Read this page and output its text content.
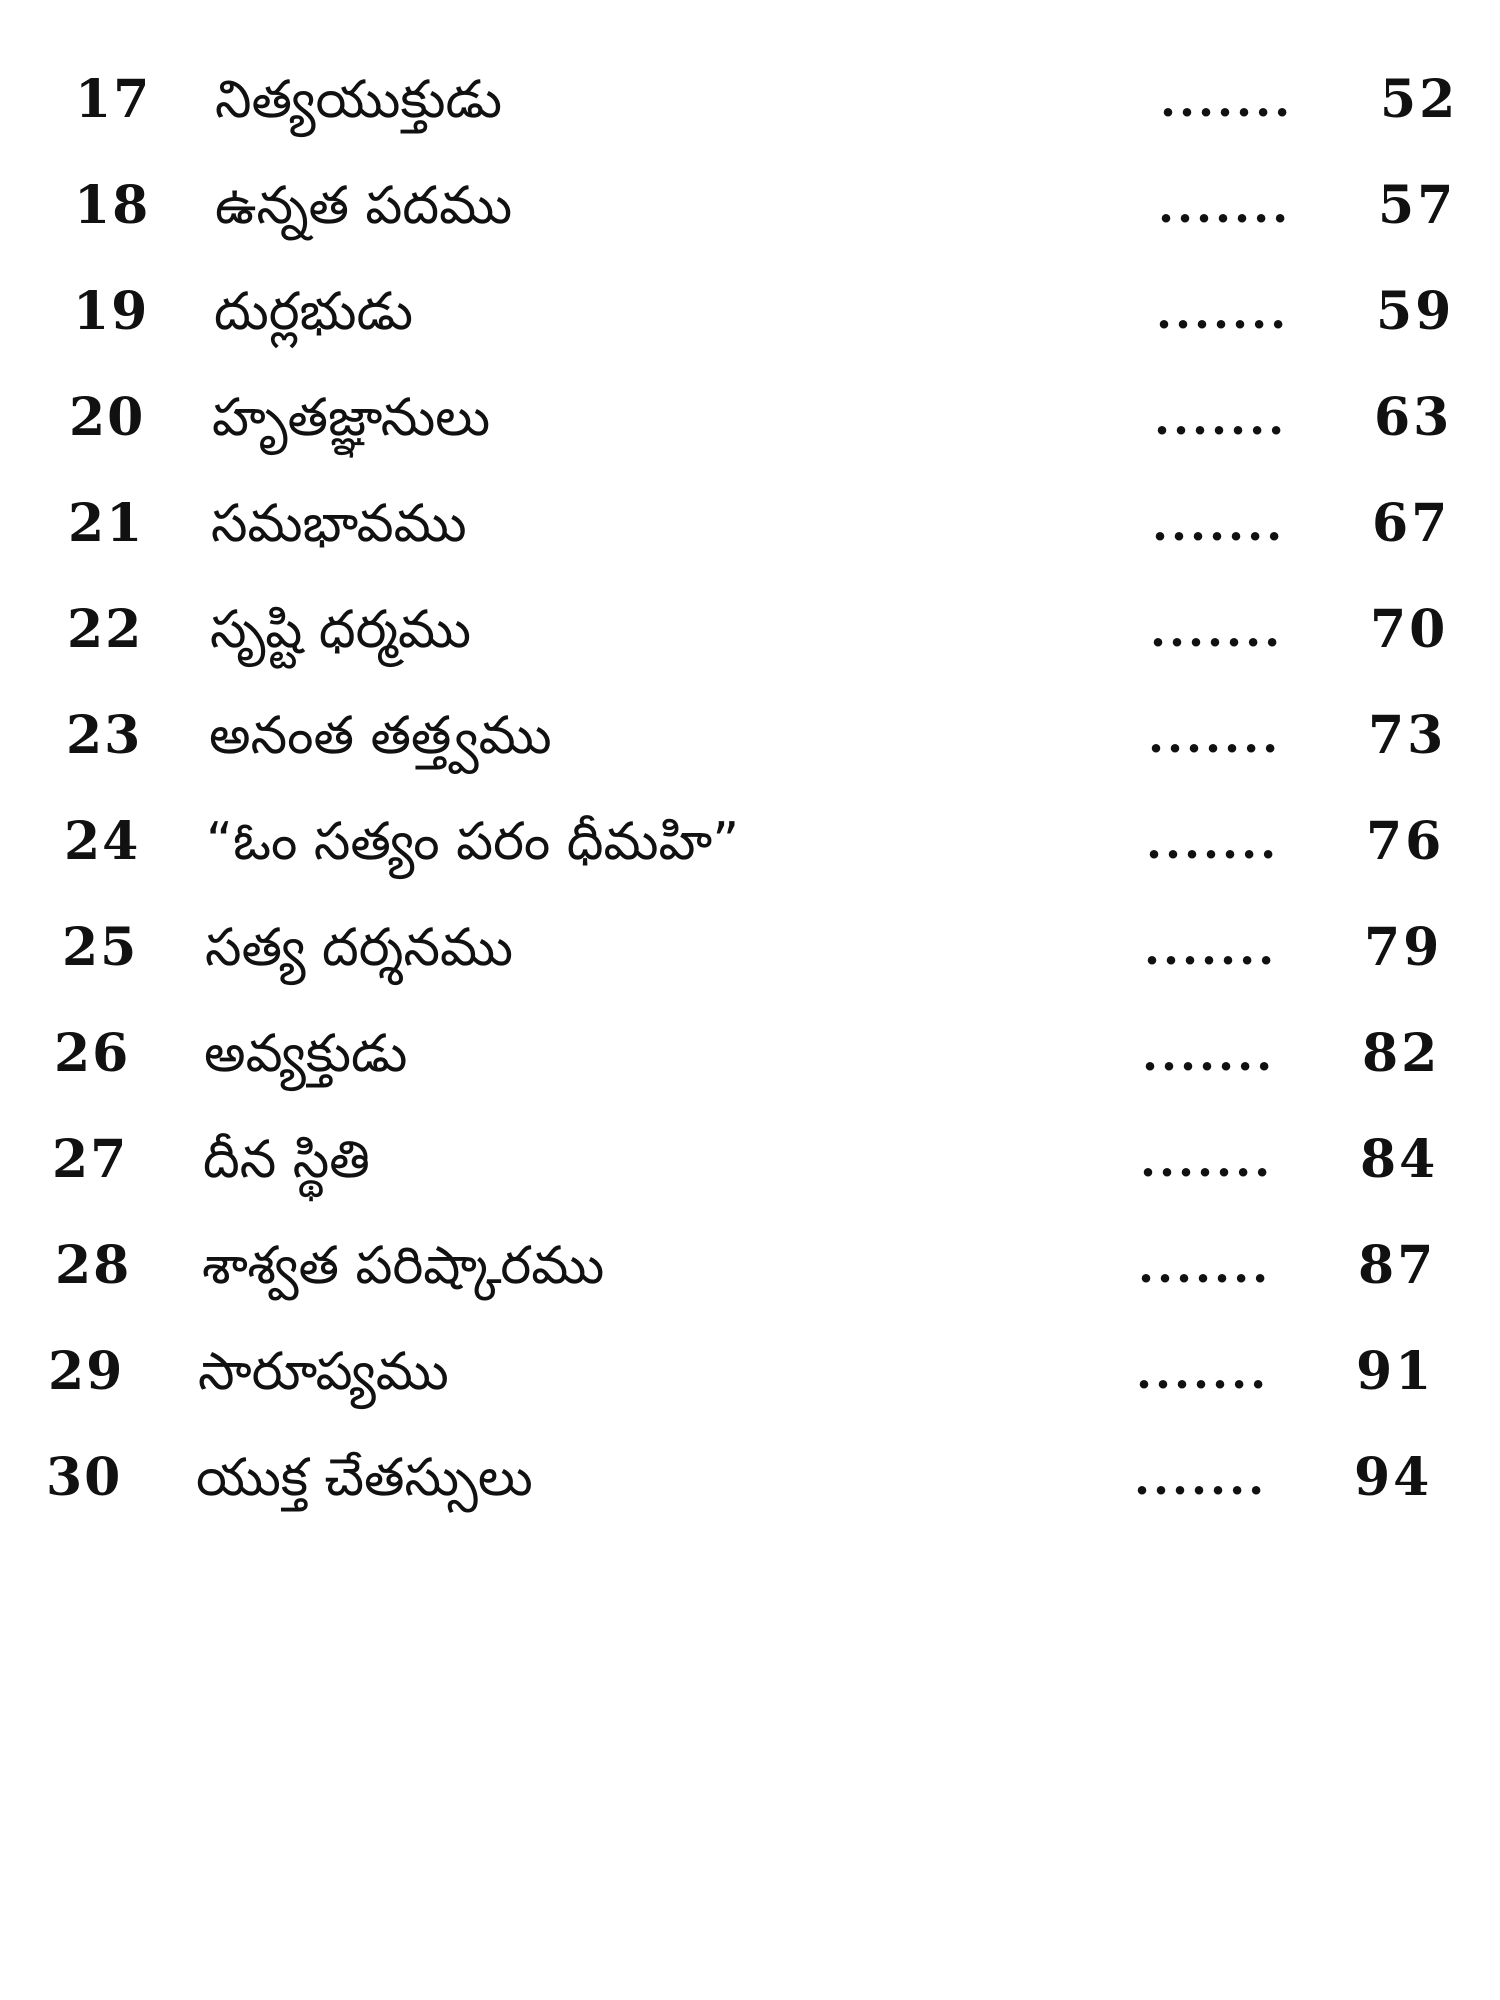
17 నిత్యయుక్తుడు	....... 52
18 ఉన్నత పదము	....... 57
19 దుర్లభుడు	....... 59
20 హృతజ్ఞానులు	....... 63
21 సమభావము	....... 67
22 సృష్టి ధర్మము	....... 70
23 అనంత తత్త్వము	....... 73
24 “ఓం సత్యం పరం ధీమహి”	....... 76
25 సత్య దర్శనము	....... 79
26 అవ్యక్తుడు	....... 82
27 దీన స్థితి	....... 84
28 శాశ్వత పరిష్కారము	....... 87
29 సారూప్యము	....... 91
30 యుక్త చేతస్సులు	....... 94
